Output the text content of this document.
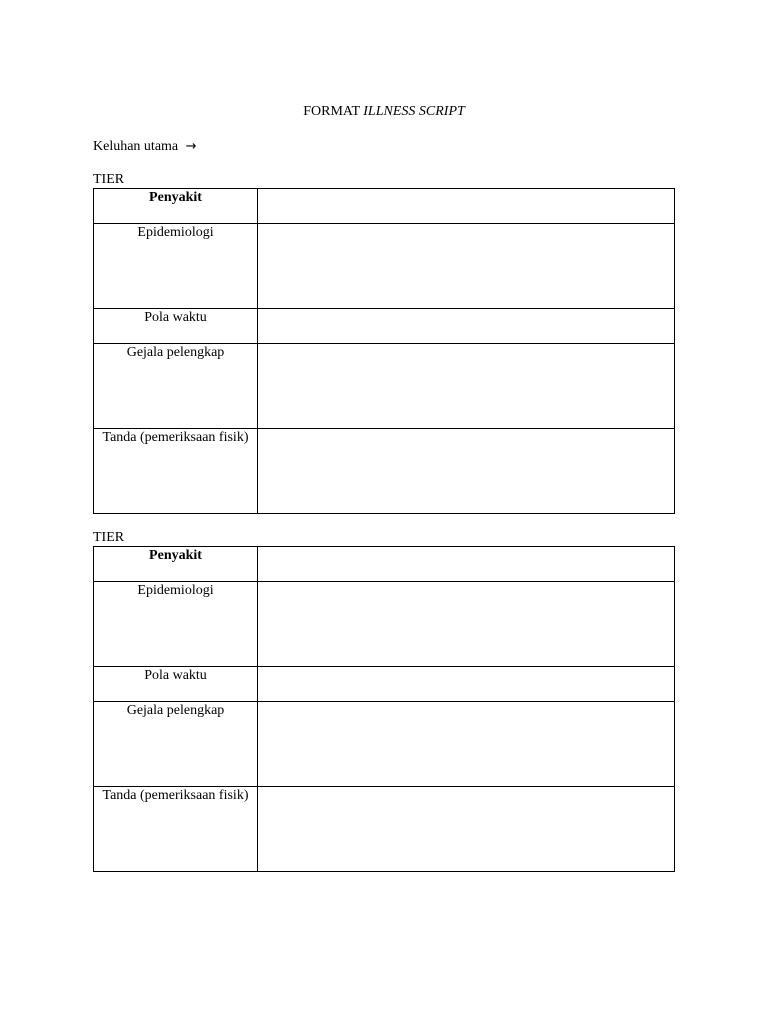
FORMAT ILLNESS SCRIPT
Keluhan utama →
TIER
Penyakit	
Epidemiologi	
Pola waktu	
Gejala pelengkap	
Tanda (pemeriksaan fisik)	
TIER
Penyakit	
Epidemiologi	
Pola waktu	
Gejala pelengkap	
Tanda (pemeriksaan fisik)	
